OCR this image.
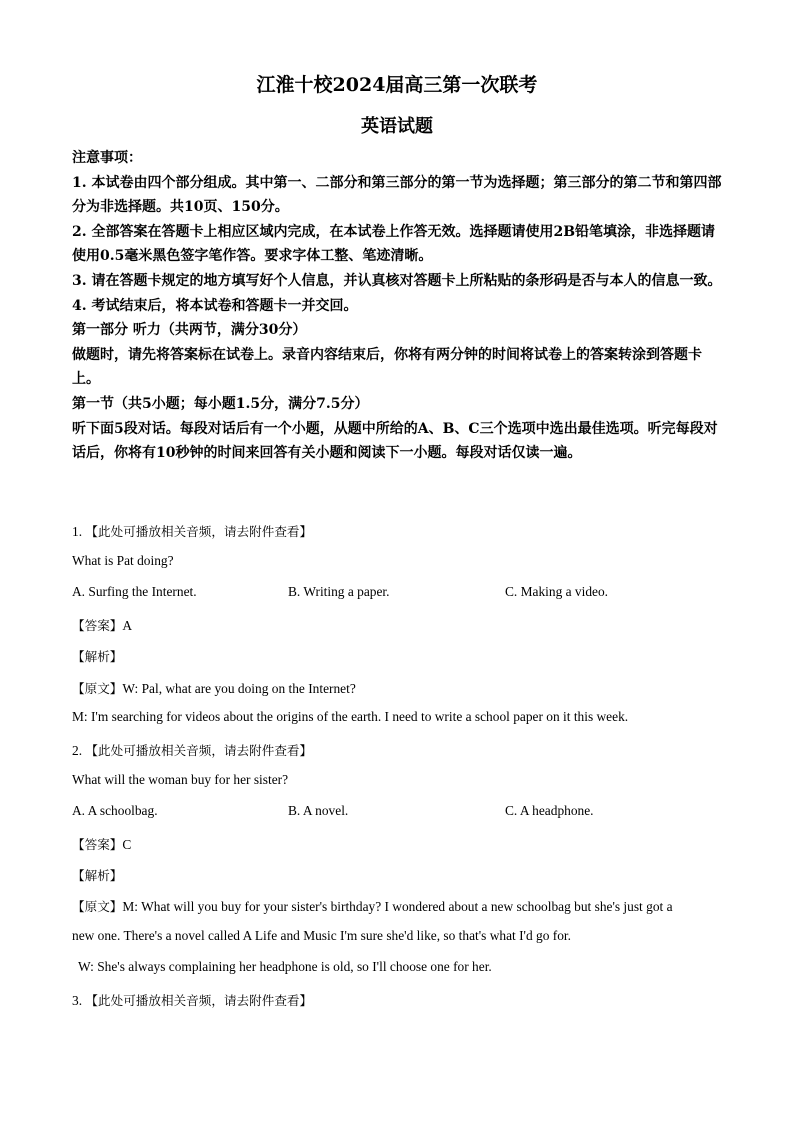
江淮十校2024届高三第一次联考
英语试题

注意事项：

1. 本试卷由四个部分组成。其中第一、二部分和第三部分的第一节为选择题；第三部分的第二节和第四部分为非选择题。共10页、150分。

2. 全部答案在答题卡上相应区域内完成，在本试卷上作答无效。选择题请使用2B铅笔填涂，非选择题请使用0.5毫米黑色签字笔作答。要求字体工整、笔迹清晰。

3. 请在答题卡规定的地方填写好个人信息，并认真核对答题卡上所粘贴的条形码是否与本人的信息一致。

4. 考试结束后，将本试卷和答题卡一并交回。

第一部分 听力（共两节，满分30分）

做题时，请先将答案标在试卷上。录音内容结束后，你将有两分钟的时间将试卷上的答案转涂到答题卡上。

第一节（共5小题；每小题1.5分，满分7.5分）

听下面5段对话。每段对话后有一个小题，从题中所给的A、B、C三个选项中选出最佳选项。听完每段对话后，你将有10秒钟的时间来回答有关小题和阅读下一小题。每段对话仅读一遍。

1. 【此处可播放相关音频，请去附件查看】
What is Pat doing?
A. Surfing the Internet.	B. Writing a paper.	C. Making a video.
【答案】A
【解析】
【原文】W: Pal, what are you doing on the Internet?
M: I'm searching for videos about the origins of the earth. I need to write a school paper on it this week.
2. 【此处可播放相关音频，请去附件查看】
What will the woman buy for her sister?
A. A schoolbag.	B. A novel.	C. A headphone.
【答案】C
【解析】
【原文】M: What will you buy for your sister's birthday? I wondered about a new schoolbag but she's just got a
new one. There's a novel called A Life and Music I'm sure she'd like, so that's what I'd go for.
W: She's always complaining her headphone is old, so I'll choose one for her.
3. 【此处可播放相关音频，请去附件查看】
